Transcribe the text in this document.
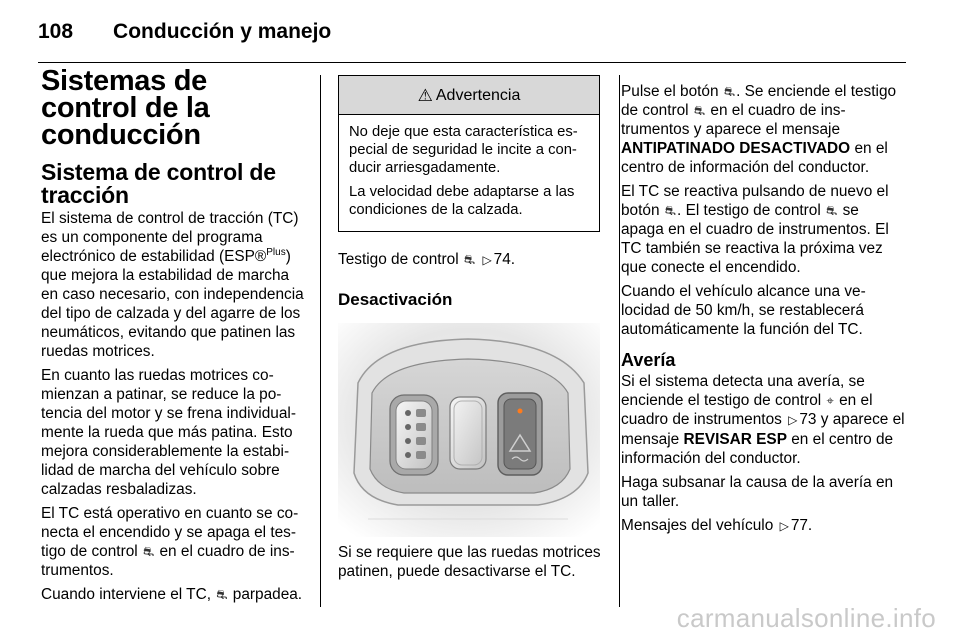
108 Conducción y manejo
Sistemas de control de la conducción
Sistema de control de tracción

El sistema de control de tracción (TC) es un componente del programa electrónico de estabilidad (ESP®$^{Plus}$) que mejora la estabilidad de marcha en caso necesario, con independencia del tipo de calzada y del agarre de los neumáticos, evitando que patinen las ruedas motrices.

En cuanto las ruedas motrices comienzan a patinar, se reduce la potencia del motor y se frena individualmente la rueda que más patina. Esto mejora considerablemente la estabilidad de marcha del vehículo sobre calzadas resbaladizas.

El TC está operativo en cuanto se conecta el encendido y se apaga el testigo de control ⛐ en el cuadro de instrumentos.

Cuando interviene el TC, ⛐ parpadea.

⚠ Advertencia

No deje que esta característica especial de seguridad le incite a conducir arriesgadamente.

La velocidad debe adaptarse a las condiciones de la calzada.

Testigo de control ⛐ ▷ 74.

Desactivación

Si se requiere que las ruedas motrices patinen, puede desactivarse el TC.

Pulse el botón ⛐. Se enciende el testigo de control ⛐ en el cuadro de instrumentos y aparece el mensaje ANTIPATINADO DESACTIVADO en el centro de información del conductor.

El TC se reactiva pulsando de nuevo el botón ⛐. El testigo de control ⛐ se apaga en el cuadro de instrumentos. El TC también se reactiva la próxima vez que conecte el encendido.

Cuando el vehículo alcance una velocidad de 50 km/h, se restablecerá automáticamente la función del TC.

Avería

Si el sistema detecta una avería, se enciende el testigo de control ⌖ en el cuadro de instrumentos ▷ 73 y aparece el mensaje REVISAR ESP en el centro de información del conductor.

Haga subsanar la causa de la avería en un taller.

Mensajes del vehículo ▷ 77.

carmanualsonline.info
